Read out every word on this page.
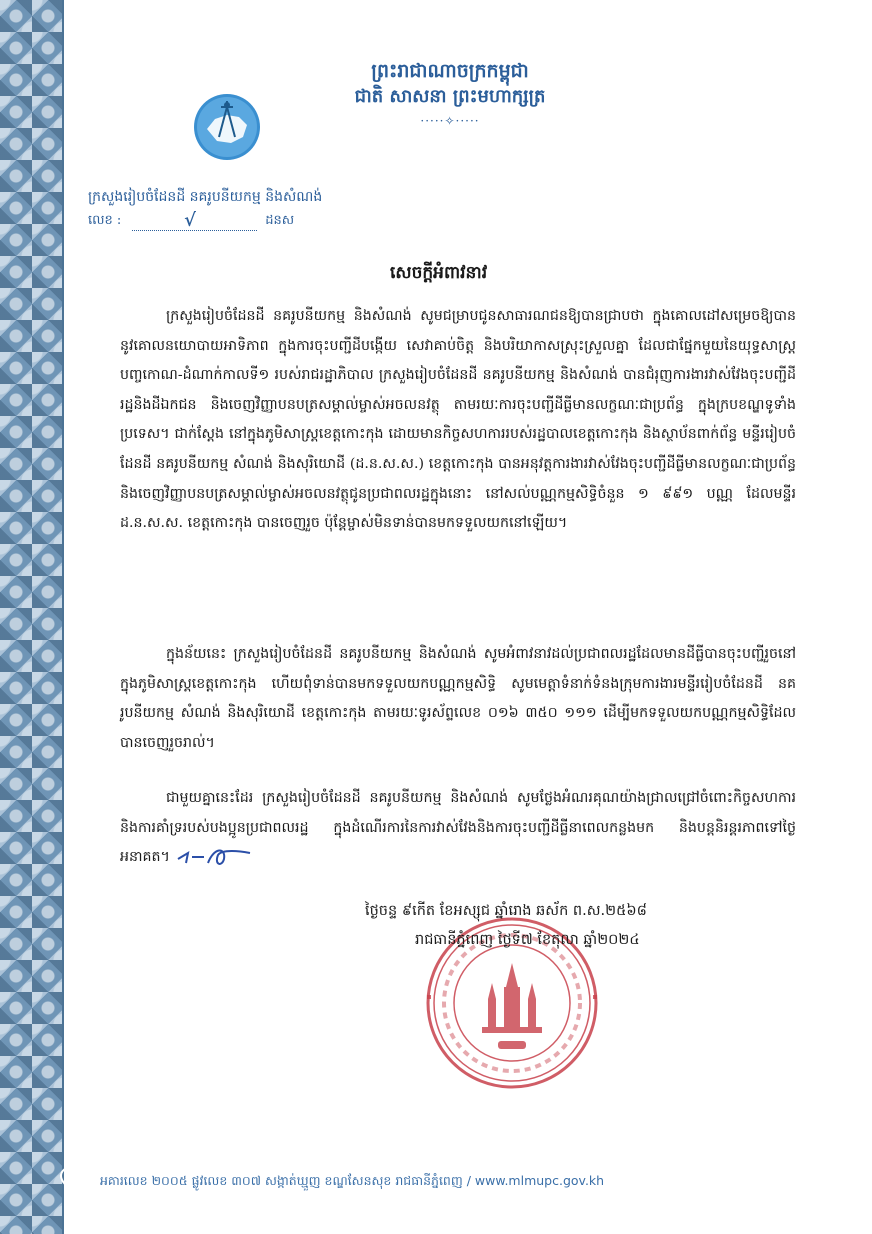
ព្រះរាជាណាចក្រកម្ពុជា
ជាតិ សាសនា ព្រះមហាក្សត្រ
·····✧·····
ក្រសួងរៀបចំដែនដី នគរូបនីយកម្ម និងសំណង់
លេខ :	√	ដនស
សេចក្តីអំពាវនាវ
ក្រសួងរៀបចំដែនដី នគរូបនីយកម្ម និងសំណង់ សូមជម្រាបជូនសាធារណជនឱ្យបានជ្រាបថា ក្នុងគោលដៅសម្រេចឱ្យបាននូវគោលនយោបាយអាទិភាព ក្នុងការចុះបញ្ជីដីបង្កើយ សេវាគាប់ចិត្ត និងបរិយាកាសស្រុះស្រួលគ្នា ដែលជាផ្នែកមួយនៃយុទ្ធសាស្ត្របញ្ចកោណ-ដំណាក់កាលទី១ របស់រាជរដ្ឋាភិបាល ក្រសួងរៀបចំដែនដី នគរូបនីយកម្ម និងសំណង់ បានជំរុញការងារវាស់វែងចុះបញ្ជីដីរដ្ឋនិងដីឯកជន និងចេញវិញ្ញាបនបត្រសម្គាល់ម្ចាស់អចលនវត្ថុ តាមរយៈការចុះបញ្ជីដីធ្លីមានលក្ខណៈជាប្រព័ន្ធ ក្នុងក្របខណ្ឌទូទាំងប្រទេស។ ជាក់ស្តែង នៅក្នុងភូមិសាស្ត្រខេត្តកោះកុង ដោយមានកិច្ចសហការរបស់រដ្ឋបាលខេត្តកោះកុង និងស្ថាប័នពាក់ព័ន្ធ មន្ទីររៀបចំដែនដី នគរូបនីយកម្ម សំណង់ និងសុរិយោដី (ដ.ន.ស.ស.) ខេត្តកោះកុង បានអនុវត្តការងារវាស់វែងចុះបញ្ជីដីធ្លីមានលក្ខណៈជាប្រព័ន្ធ និងចេញវិញ្ញាបនបត្រសម្គាល់ម្ចាស់អចលនវត្ថុជូនប្រជាពលរដ្ឋក្នុងនោះ នៅសល់បណ្ណកម្មសិទ្ធិចំនួន ១ ៩៩១ បណ្ណ ដែលមន្ទីរ ដ.ន.ស.ស. ខេត្តកោះកុង បានចេញរួច ប៉ុន្តែម្ចាស់មិនទាន់បានមកទទួលយកនៅឡើយ។
ក្នុងន័យនេះ ក្រសួងរៀបចំដែនដី នគរូបនីយកម្ម និងសំណង់ សូមអំពាវនាវដល់ប្រជាពលរដ្ឋដែលមានដីធ្លីបានចុះបញ្ជីរួចនៅក្នុងភូមិសាស្ត្រខេត្តកោះកុង ហើយពុំទាន់បានមកទទួលយកបណ្ណកម្មសិទ្ធិ សូមមេត្តាទំនាក់ទំនងក្រុមការងារមន្ទីររៀបចំដែនដី នគរូបនីយកម្ម សំណង់ និងសុរិយោដី ខេត្តកោះកុង តាមរយៈទូរស័ព្ទលេខ ០១៦ ៣៥០ ១១១ ដើម្បីមកទទួលយកបណ្ណកម្មសិទ្ធិដែលបានចេញរួចរាល់។
ជាមួយគ្នានេះដែរ ក្រសួងរៀបចំដែនដី នគរូបនីយកម្ម និងសំណង់ សូមថ្លែងអំណរគុណយ៉ាងជ្រាលជ្រៅចំពោះកិច្ចសហការ និងការគាំទ្ររបស់បងប្អូនប្រជាពលរដ្ឋ ក្នុងដំណើរការនៃការវាស់វែងនិងការចុះបញ្ជីដីធ្លីនាពេលកន្លងមក និងបន្តនិរន្តរភាពទៅថ្ងៃអនាគត។
ថ្ងៃចន្ទ ៩កើត ខែអស្សុជ ឆ្នាំរោង ឆស័ក ព.ស.២៥៦៨
រាជធានីភ្នំពេញ ថ្ងៃទី៧ ខែតុលា ឆ្នាំ២០២៤
អគារលេខ ២០០៥ ផ្លូវលេខ ៣០៧ សង្កាត់ឃ្មួញ ខណ្ឌសែនសុខ រាជធានីភ្នំពេញ / www.mlmupc.gov.kh
